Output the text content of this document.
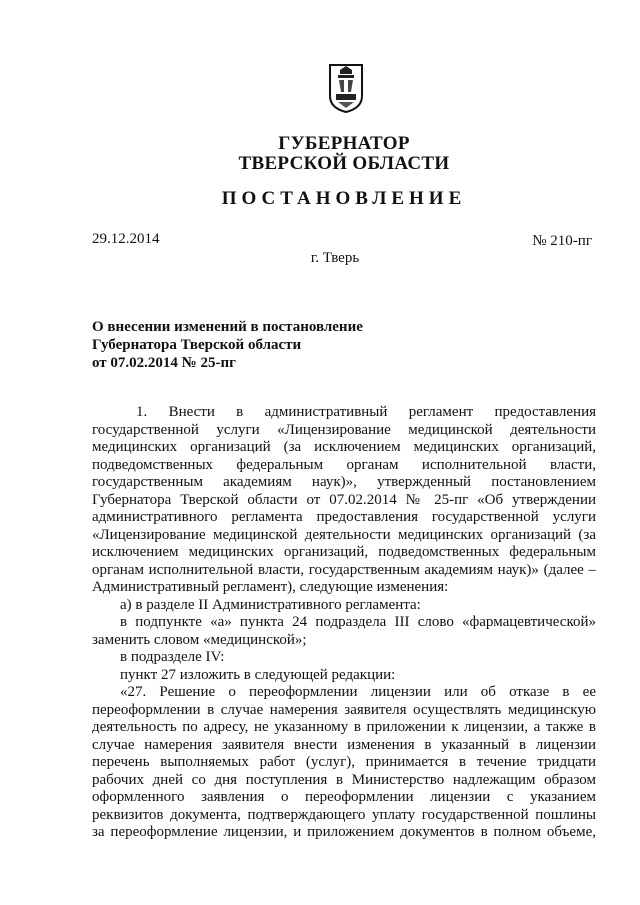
ГУБЕРНАТОР
ТВЕРСКОЙ ОБЛАСТИ
ПОСТАНОВЛЕНИЕ
29.12.2014	№ 210-пг
г. Тверь
О внесении изменений в постановление
Губернатора Тверской области
от 07.02.2014 № 25-пг

1. Внести в административный регламент предоставления

государственной услуги «Лицензирование медицинской деятельности

медицинских организаций (за исключением медицинских организаций,

подведомственных федеральным органам исполнительной власти,

государственным академиям наук)», утвержденный постановлением

Губернатора Тверской области от 07.02.2014 № 25-пг «Об утверждении

административного регламента предоставления государственной услуги

«Лицензирование медицинской деятельности медицинских организаций (за

исключением медицинских организаций, подведомственных федеральным

органам исполнительной власти, государственным академиям наук)» (далее –

Административный регламент), следующие изменения:

а) в разделе II Административного регламента:

в подпункте «а» пункта 24 подраздела III слово «фармацевтической»

заменить словом «медицинской»;

в подразделе IV:

пункт 27 изложить в следующей редакции:

«27. Решение о переоформлении лицензии или об отказе в ее

переоформлении в случае намерения заявителя осуществлять медицинскую

деятельность по адресу, не указанному в приложении к лицензии, а также в

случае намерения заявителя внести изменения в указанный в лицензии

перечень выполняемых работ (услуг), принимается в течение тридцати

рабочих дней со дня поступления в Министерство надлежащим образом

оформленного заявления о переоформлении лицензии с указанием

реквизитов документа, подтверждающего уплату государственной пошлины

за переоформление лицензии, и приложением документов в полном объеме,
